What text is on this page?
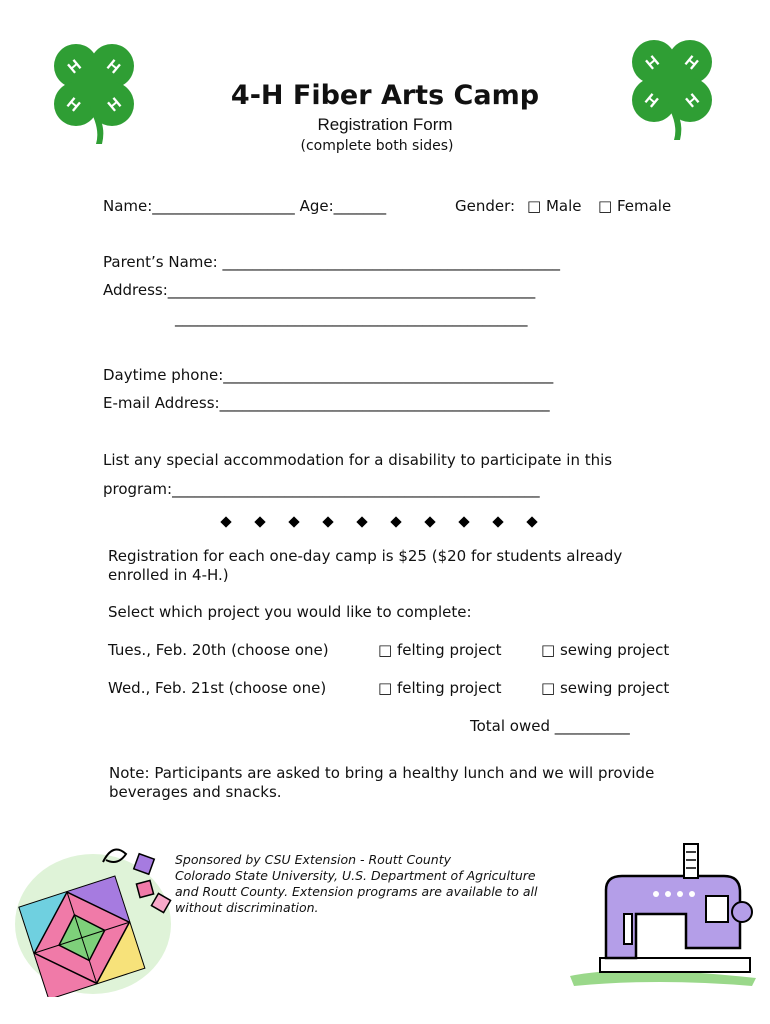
H H
H H
H H
H H
4-H Fiber Arts Camp
Registration Form
(complete both sides)
Name:___________________ Age:_______	Gender: □ Male □ Female
Parent’s Name: _____________________________________________
Address:_________________________________________________
_______________________________________________
Daytime phone:____________________________________________
E-mail Address:____________________________________________
List any special accommodation for a disability to participate in this
program:_________________________________________________
Registration for each one-day camp is $25 ($20 for students already
enrolled in 4-H.)
Select which project you would like to complete:
Tues., Feb. 20th (choose one)	□ felting project	□ sewing project
Wed., Feb. 21st (choose one)	□ felting project	□ sewing project
Total owed __________
Note: Participants are asked to bring a healthy lunch and we will provide
beverages and snacks.
Sponsored by CSU Extension - Routt County
Colorado State University, U.S. Department of Agriculture
and Routt County. Extension programs are available to all
without discrimination.
